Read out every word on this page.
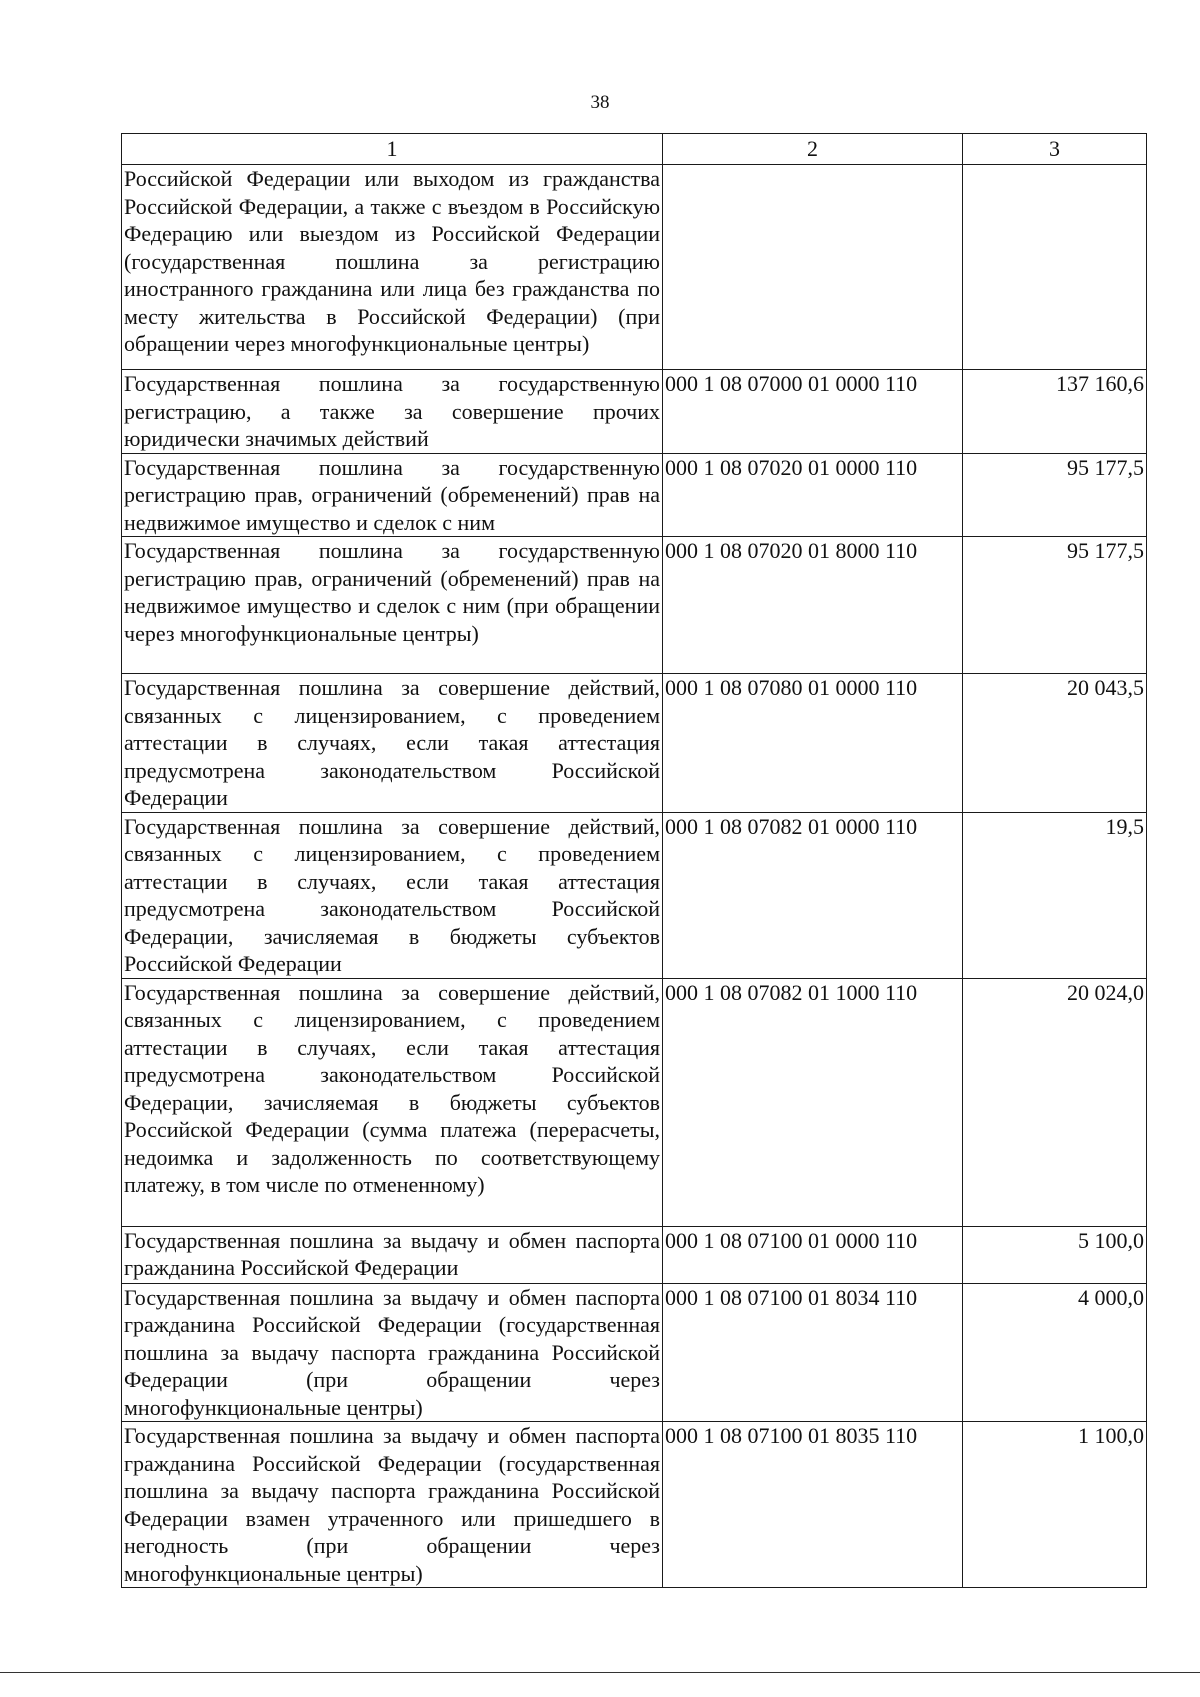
38
1	2	3
Российской Федерации или выходом из гражданства Российской Федерации, а также с въездом в Российскую Федерацию или выездом из Российской Федерации (государственная пошлина за регистрацию иностранного гражданина или лица без гражданства по месту жительства в Российской Федерации) (при обращении через многофункциональные центры)		
Государственная пошлина за государственную регистрацию, а также за совершение прочих юридически значимых действий	000 1 08 07000 01 0000 110	137 160,6
Государственная пошлина за государственную регистрацию прав, ограничений (обременений) прав на недвижимое имущество и сделок с ним	000 1 08 07020 01 0000 110	95 177,5
Государственная пошлина за государственную регистрацию прав, ограничений (обременений) прав на недвижимое имущество и сделок с ним (при обращении через многофункциональные центры)	000 1 08 07020 01 8000 110	95 177,5
Государственная пошлина за совершение действий, связанных с лицензированием, с проведением аттестации в случаях, если такая аттестация предусмотрена законодательством Российской Федерации	000 1 08 07080 01 0000 110	20 043,5
Государственная пошлина за совершение действий, связанных с лицензированием, с проведением аттестации в случаях, если такая аттестация предусмотрена законодательством Российской Федерации, зачисляемая в бюджеты субъектов Российской Федерации	000 1 08 07082 01 0000 110	19,5
Государственная пошлина за совершение действий, связанных с лицензированием, с проведением аттестации в случаях, если такая аттестация предусмотрена законодательством Российской Федерации, зачисляемая в бюджеты субъектов Российской Федерации (сумма платежа (перерасчеты, недоимка и задолженность по соответствующему платежу, в том числе по отмененному)	000 1 08 07082 01 1000 110	20 024,0
Государственная пошлина за выдачу и обмен паспорта гражданина Российской Федерации	000 1 08 07100 01 0000 110	5 100,0
Государственная пошлина за выдачу и обмен паспорта гражданина Российской Федерации (государственная пошлина за выдачу паспорта гражданина Российской Федерации (при обращении через многофункциональные центры)	000 1 08 07100 01 8034 110	4 000,0
Государственная пошлина за выдачу и обмен паспорта гражданина Российской Федерации (государственная пошлина за выдачу паспорта гражданина Российской Федерации взамен утраченного или пришедшего в негодность (при обращении через многофункциональные центры)	000 1 08 07100 01 8035 110	1 100,0
